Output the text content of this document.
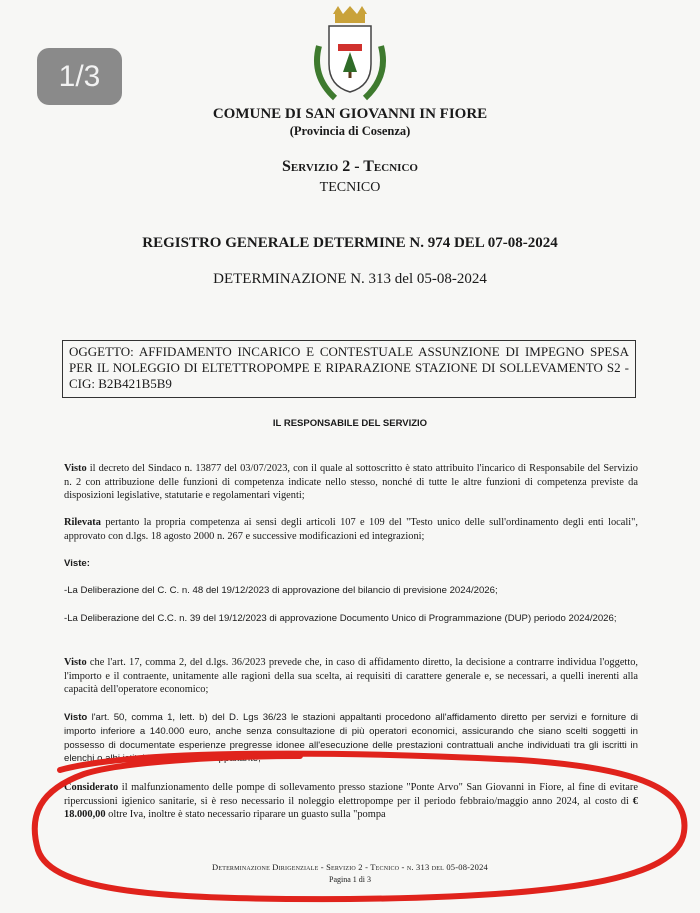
1/3
COMUNE DI SAN GIOVANNI IN FIORE
(Provincia di Cosenza)
Servizio 2 - Tecnico
TECNICO
REGISTRO GENERALE DETERMINE N. 974 DEL 07-08-2024
DETERMINAZIONE N. 313 del 05-08-2024
OGGETTO: AFFIDAMENTO INCARICO E CONTESTUALE ASSUNZIONE DI IMPEGNO SPESA PER IL NOLEGGIO DI ELTETTROPOMPE E RIPARAZIONE STAZIONE DI SOLLEVAMENTO S2 - CIG: B2B421B5B9
IL RESPONSABILE DEL SERVIZIO
Visto il decreto del Sindaco n. 13877 del 03/07/2023, con il quale al sottoscritto è stato attribuito l'incarico di Responsabile del Servizio n. 2 con attribuzione delle funzioni di competenza indicate nello stesso, nonché di tutte le altre funzioni di competenza previste da disposizioni legislative, statutarie e regolamentari vigenti;
Rilevata pertanto la propria competenza ai sensi degli articoli 107 e 109 del "Testo unico delle sull'ordinamento degli enti locali", approvato con d.lgs. 18 agosto 2000 n. 267 e successive modificazioni ed integrazioni;
Viste:
-La Deliberazione del C. C. n. 48 del 19/12/2023 di approvazione del bilancio di previsione 2024/2026;
-La Deliberazione del C.C. n. 39 del 19/12/2023 di approvazione Documento Unico di Programmazione (DUP) periodo 2024/2026;
Visto che l'art. 17, comma 2, del d.lgs. 36/2023 prevede che, in caso di affidamento diretto, la decisione a contrarre individua l'oggetto, l'importo e il contraente, unitamente alle ragioni della sua scelta, ai requisiti di carattere generale e, se necessari, a quelli inerenti alla capacità dell'operatore economico;
Visto l'art. 50, comma 1, lett. b) del D. Lgs 36/23 le stazioni appaltanti procedono all'affidamento diretto per servizi e forniture di importo inferiore a 140.000 euro, anche senza consultazione di più operatori economici, assicurando che siano scelti soggetti in possesso di documentate esperienze pregresse idonee all'esecuzione delle prestazioni contrattuali anche individuati tra gli iscritti in elenchi o albi istituiti dalla stazione appaltante;
Considerato il malfunzionamento delle pompe di sollevamento presso stazione "Ponte Arvo" San Giovanni in Fiore, al fine di evitare ripercussioni igienico sanitarie, si è reso necessario il noleggio elettropompe per il periodo febbraio/maggio anno 2024, al costo di € 18.000,00 oltre Iva, inoltre è stato necessario riparare un guasto sulla "pompa
Determinazione Dirigenziale - Servizio 2 - Tecnico - n. 313 del 05-08-2024
Pagina 1 di 3
